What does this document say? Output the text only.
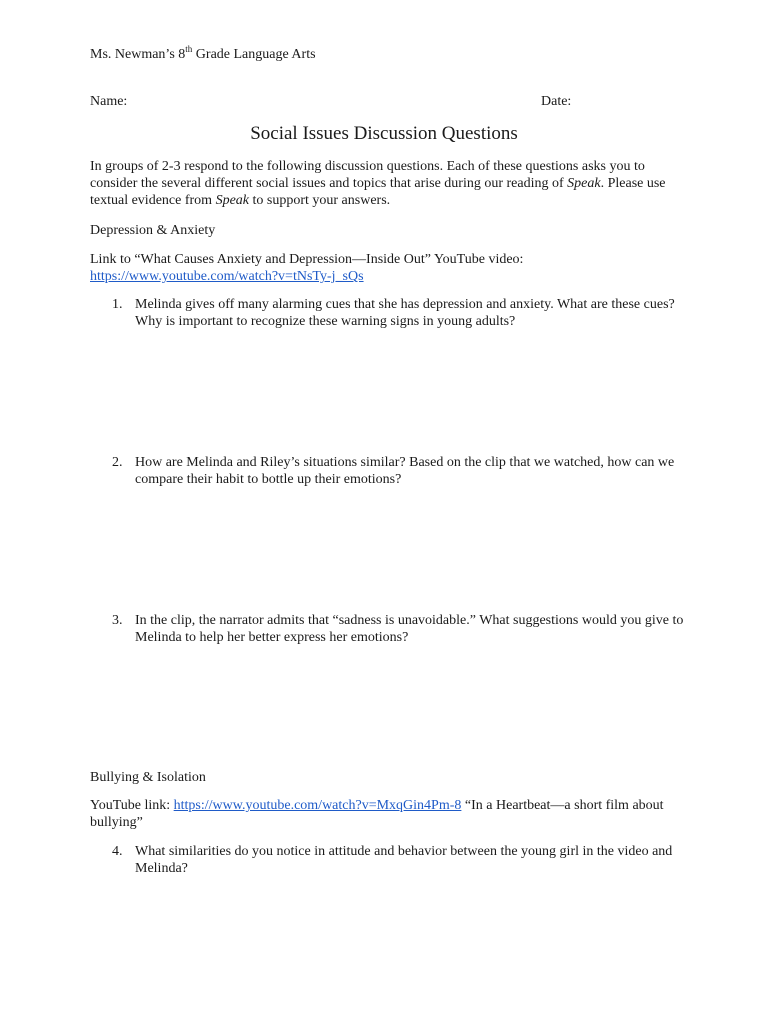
Ms. Newman’s 8th Grade Language Arts
Name:	Date:
Social Issues Discussion Questions
In groups of 2-3 respond to the following discussion questions. Each of these questions asks you to
consider the several different social issues and topics that arise during our reading of Speak. Please use
textual evidence from Speak to support your answers.
Depression & Anxiety
Link to “What Causes Anxiety and Depression—Inside Out” YouTube video:
https://www.youtube.com/watch?v=tNsTy-j_sQs
1. Melinda gives off many alarming cues that she has depression and anxiety. What are these cues?
Why is important to recognize these warning signs in young adults?
2. How are Melinda and Riley’s situations similar? Based on the clip that we watched, how can we
compare their habit to bottle up their emotions?
3. In the clip, the narrator admits that “sadness is unavoidable.” What suggestions would you give to
Melinda to help her better express her emotions?
Bullying & Isolation
YouTube link: https://www.youtube.com/watch?v=MxqGin4Pm-8 “In a Heartbeat—a short film about
bullying”
4. What similarities do you notice in attitude and behavior between the young girl in the video and
Melinda?
